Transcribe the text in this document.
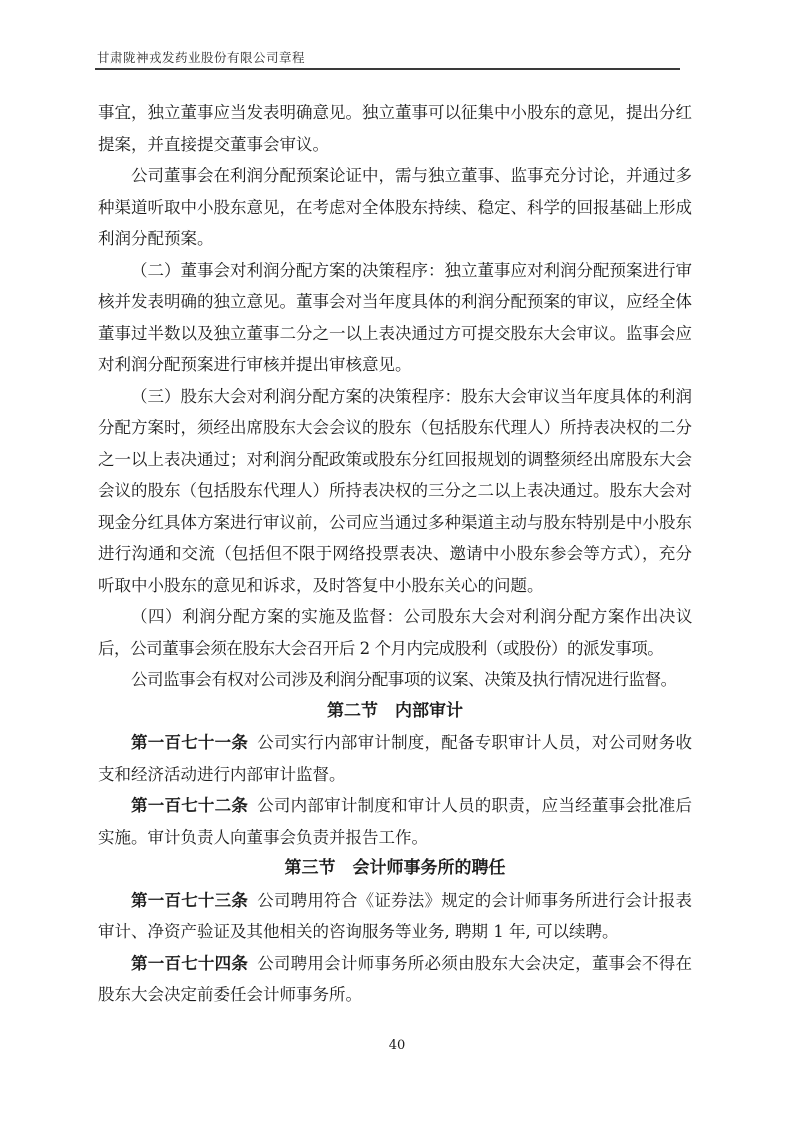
甘肃陇神戎发药业股份有限公司章程

事宜，独立董事应当发表明确意见。独立董事可以征集中小股东的意见，提出分红提案，并直接提交董事会审议。

公司董事会在利润分配预案论证中，需与独立董事、监事充分讨论，并通过多种渠道听取中小股东意见，在考虑对全体股东持续、稳定、科学的回报基础上形成利润分配预案。

（二）董事会对利润分配方案的决策程序：独立董事应对利润分配预案进行审核并发表明确的独立意见。董事会对当年度具体的利润分配预案的审议，应经全体董事过半数以及独立董事二分之一以上表决通过方可提交股东大会审议。监事会应对利润分配预案进行审核并提出审核意见。

（三）股东大会对利润分配方案的决策程序：股东大会审议当年度具体的利润分配方案时，须经出席股东大会会议的股东（包括股东代理人）所持表决权的二分之一以上表决通过；对利润分配政策或股东分红回报规划的调整须经出席股东大会会议的股东（包括股东代理人）所持表决权的三分之二以上表决通过。股东大会对现金分红具体方案进行审议前，公司应当通过多种渠道主动与股东特别是中小股东进行沟通和交流（包括但不限于网络投票表决、邀请中小股东参会等方式），充分听取中小股东的意见和诉求，及时答复中小股东关心的问题。

（四）利润分配方案的实施及监督：公司股东大会对利润分配方案作出决议后，公司董事会须在股东大会召开后 2 个月内完成股利（或股份）的派发事项。

公司监事会有权对公司涉及利润分配事项的议案、决策及执行情况进行监督。

第二节　内部审计

第一百七十一条 公司实行内部审计制度，配备专职审计人员，对公司财务收支和经济活动进行内部审计监督。

第一百七十二条 公司内部审计制度和审计人员的职责，应当经董事会批准后实施。审计负责人向董事会负责并报告工作。

第三节　会计师事务所的聘任

第一百七十三条 公司聘用符合《证券法》规定的会计师事务所进行会计报表审计、净资产验证及其他相关的咨询服务等业务, 聘期 1 年, 可以续聘。

第一百七十四条 公司聘用会计师事务所必须由股东大会决定，董事会不得在股东大会决定前委任会计师事务所。

40
